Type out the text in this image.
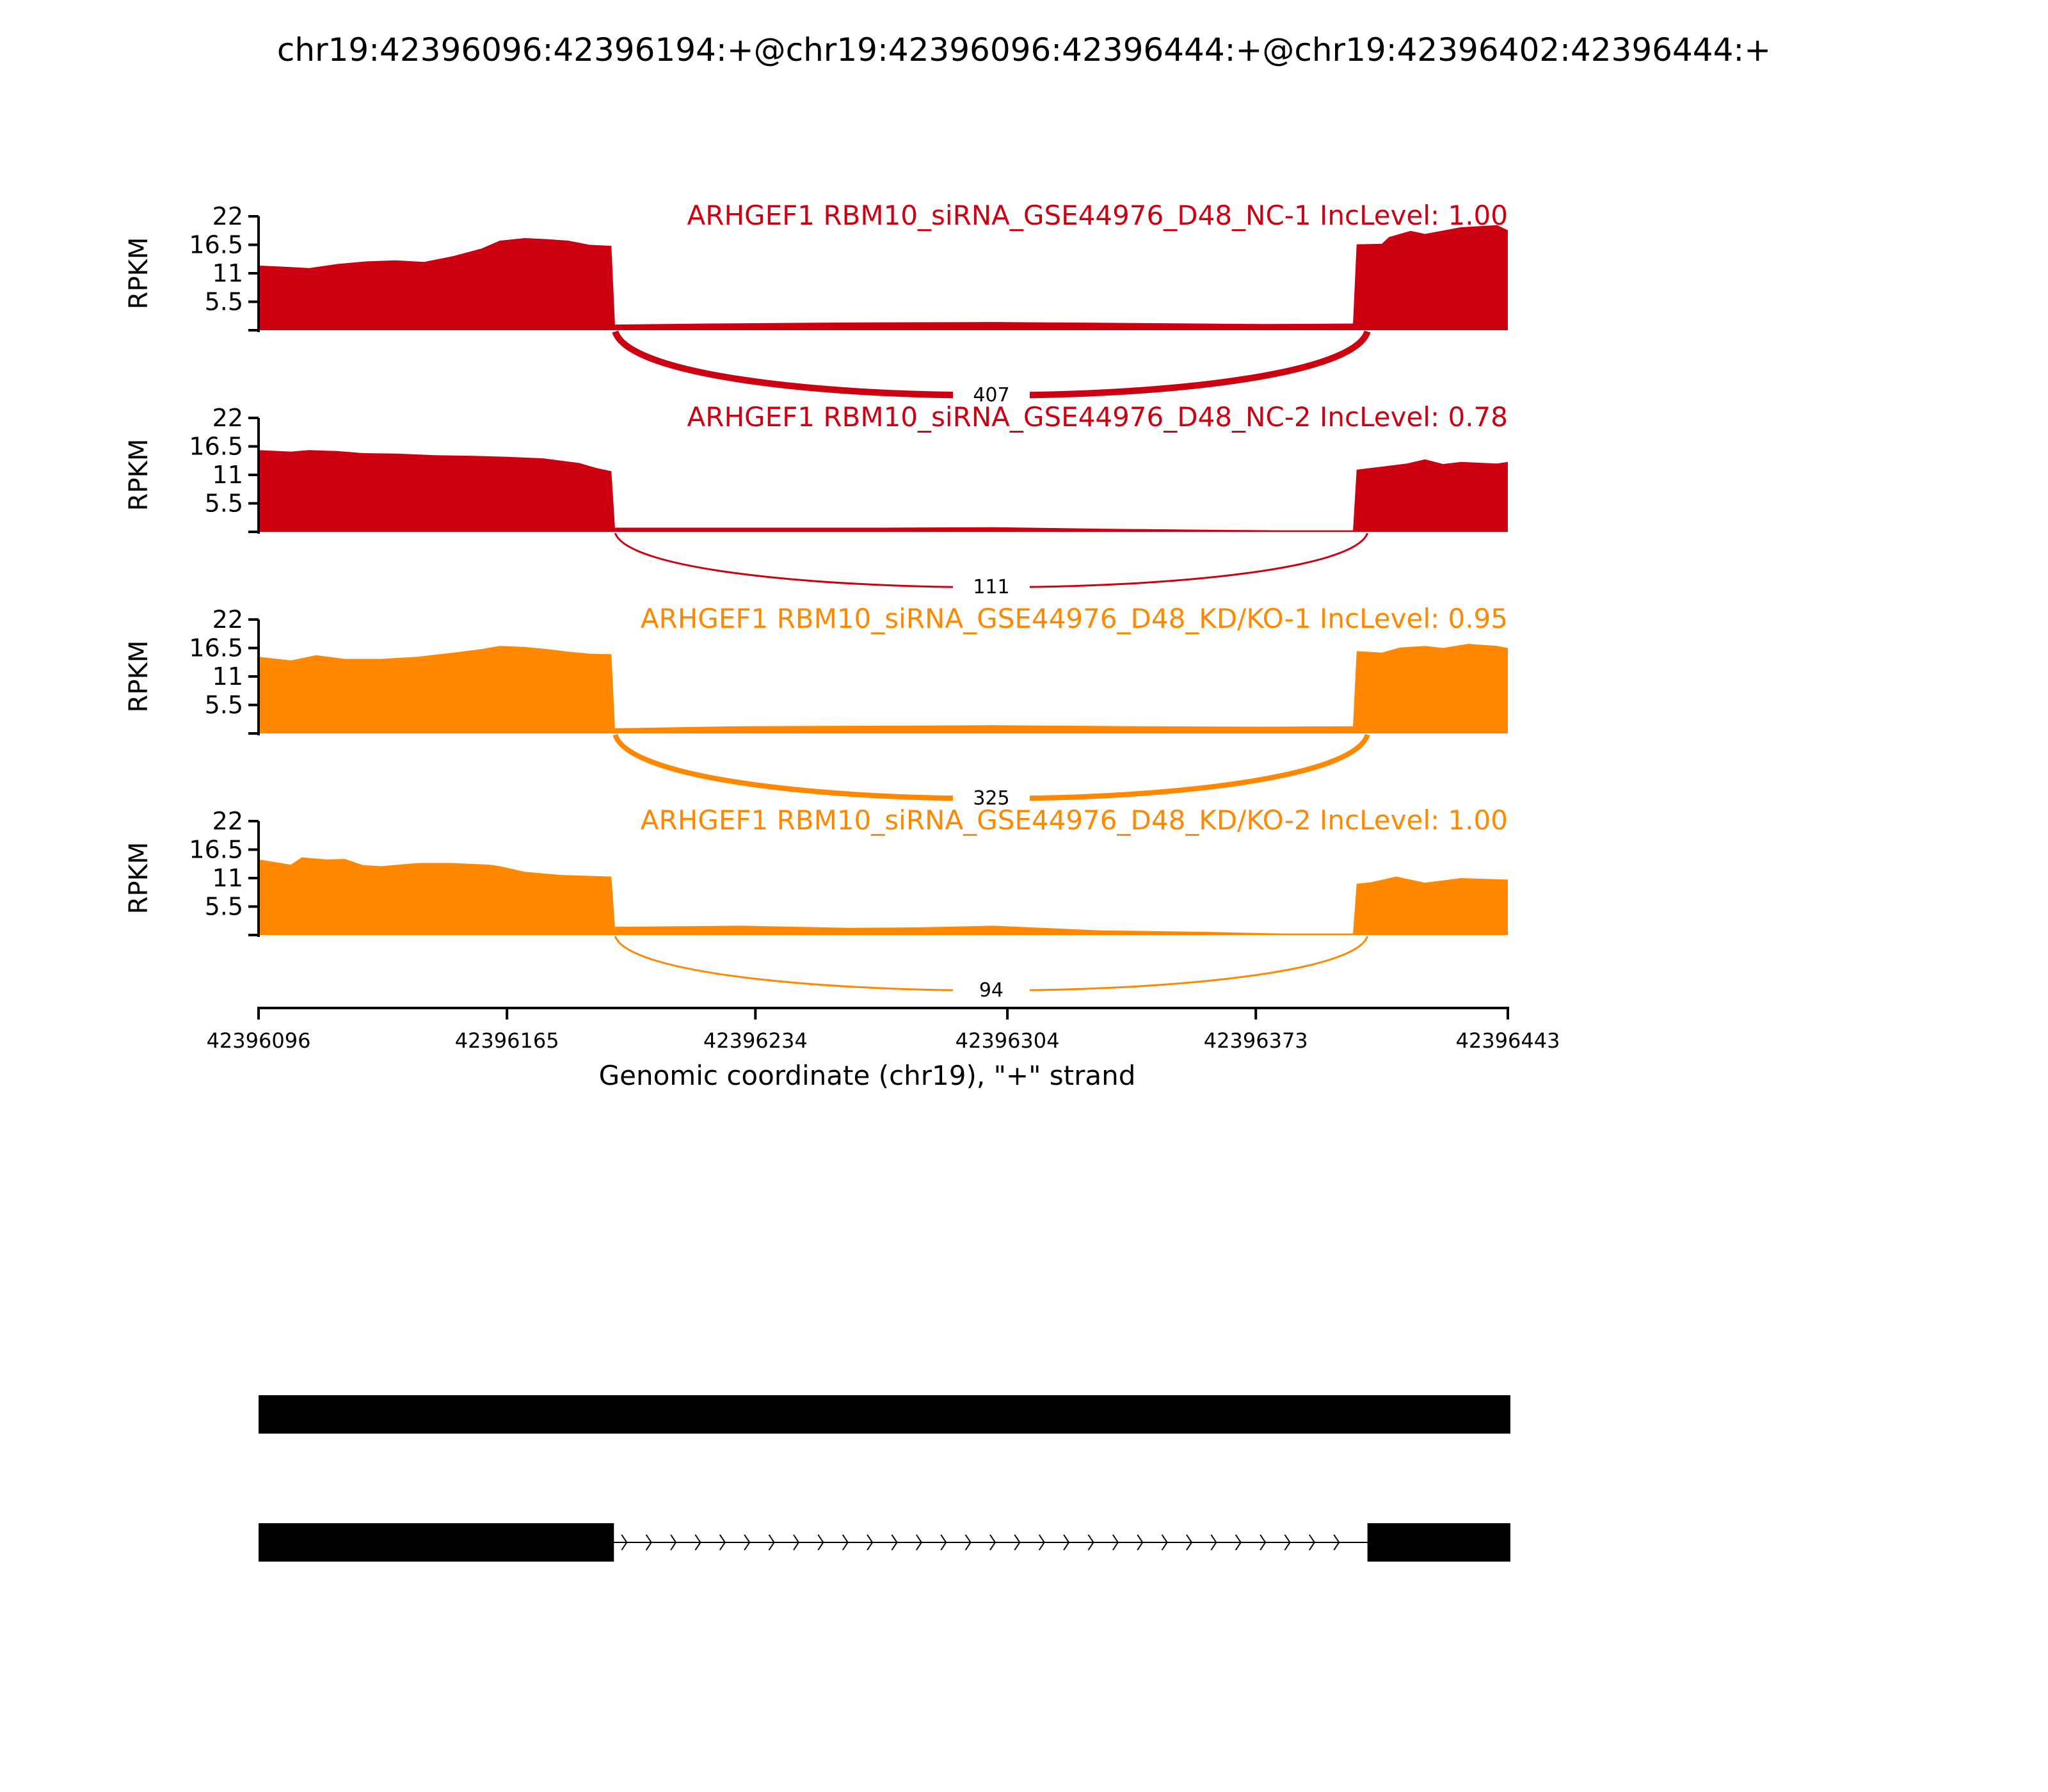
chr19:42396096:42396194:+@chr19:42396096:42396444:+@chr19:42396402:42396444:+
22
16.5
11
5.5
RPKM
ARHGEF1 RBM10_siRNA_GSE44976_D48_NC-1 IncLevel: 1.00
407
22
16.5
11
5.5
RPKM
ARHGEF1 RBM10_siRNA_GSE44976_D48_NC-2 IncLevel: 0.78
111
22
16.5
11
5.5
RPKM
ARHGEF1 RBM10_siRNA_GSE44976_D48_KD/KO-1 IncLevel: 0.95
325
22
16.5
11
5.5
RPKM
ARHGEF1 RBM10_siRNA_GSE44976_D48_KD/KO-2 IncLevel: 1.00
94
42396096	42396165	42396234	42396304	42396373	42396443
Genomic coordinate (chr19), "+" strand
